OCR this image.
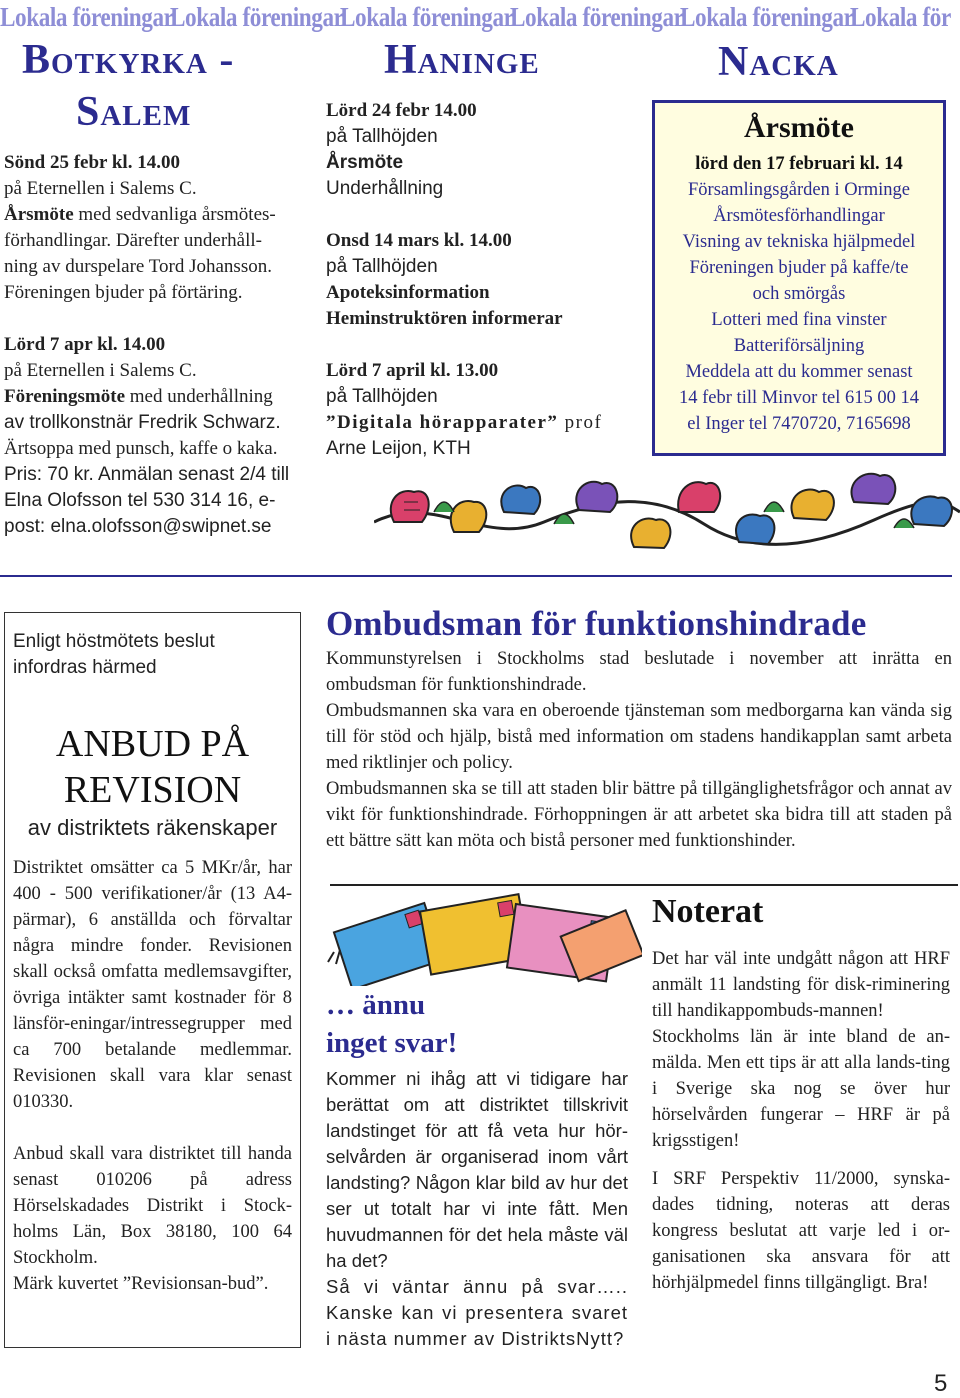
Lokala föreningarLokala föreningarLokala föreningarLokala föreningarLokala föreningarLokala för
Botkyrka -
Salem

Sönd 25 febr kl. 14.00

på Eternellen i Salems C.

Årsmöte med sedvanliga årsmötes-

förhandlingar. Därefter underhåll-

ning av durspelare Tord Johansson.

Föreningen bjuder på förtäring.

Lörd 7 apr kl. 14.00

på Eternellen i Salems C.

Föreningsmöte med underhållning

av trollkonstnär Fredrik Schwarz.

Ärtsoppa med punsch, kaffe o kaka.

Pris: 70 kr. Anmälan senast 2/4 till

Elna Olofsson tel 530 314 16, e-

post: elna.olofsson@swipnet.se

Haninge

Lörd 24 febr 14.00

på Tallhöjden

Årsmöte

Underhållning

Onsd 14 mars kl. 14.00

på Tallhöjden

Apoteksinformation

Heminstruktören informerar

Lörd 7 april kl. 13.00

på Tallhöjden

”Digitala hörapparater” prof

Arne Leijon, KTH

Nacka
Årsmöte
lörd den 17 februari kl. 14
Församlingsgården i Orminge
Årsmötesförhandlingar
Visning av tekniska hjälpmedel
Föreningen bjuder på kaffe/te
och smörgås
Lotteri med fina vinster
Batteriförsäljning
Meddela att du kommer senast
14 febr till Minvor tel 615 00 14
el Inger tel 7470720, 7165698
Enligt höstmötets beslut
infordras härmed
ANBUD PÅ
REVISION
av distriktets räkenskaper

Distriktet omsätter ca 5 MKr/år, har 400 - 500 verifikationer/år (13 A4-pärmar), 6 anställda och förvaltar några mindre fonder. Revisionen skall också omfatta medlemsavgifter, övriga intäkter samt kostnader för 8 länsför-eningar/intressegrupper med ca 700 betalande medlemmar. Revisionen skall vara klar senast 010330.

Anbud skall vara distriktet till handa senast 010206 på adress Hörselskadades Distrikt i Stock-holms Län, Box 38180, 100 64 Stockholm.

Märk kuvertet ”Revisionsan-bud”.

Ombudsman för funktionshindrade

Kommunstyrelsen i Stockholms stad beslutade i november att inrätta en ombudsman för funktionshindrade.

Ombudsmannen ska vara en oberoende tjänsteman som medborgarna kan vända sig till för stöd och hjälp, bistå med information om stadens handikapplan samt arbeta med riktlinjer och policy.

Ombudsmannen ska se till att staden blir bättre på tillgänglighetsfrågor och annat av vikt för funktionshindrade. Förhoppningen är att arbetet ska bidra till att staden på ett bättre sätt kan möta och bistå personer med funktionshinder.

… ännu
inget svar!

Kommer ni ihåg att vi tidigare har berättat om att distriktet tillskrivit landstinget för att få veta hur hör-selvården är organiserad inom vårt landsting? Någon klar bild av hur det ser ut totalt har vi inte fått. Men huvudmannen för det hela måste väl ha det?

Så vi väntar ännu på svar….. Kanske kan vi presentera svaret i nästa nummer av DistriktsNytt?

Noterat

Det har väl inte undgått någon att HRF anmält 11 landsting för disk-riminering till handikappombuds-mannen!

Stockholms län är inte bland de an-mälda. Men ett tips är att alla lands-ting i Sverige ska nog se över hur hörselvården fungerar – HRF är på krigsstigen!

I SRF Perspektiv 11/2000, synska-dades tidning, noteras att deras kongress beslutat att varje led i or-ganisationen ska ansvara för att hörhjälpmedel finns tillgängligt. Bra!

5
